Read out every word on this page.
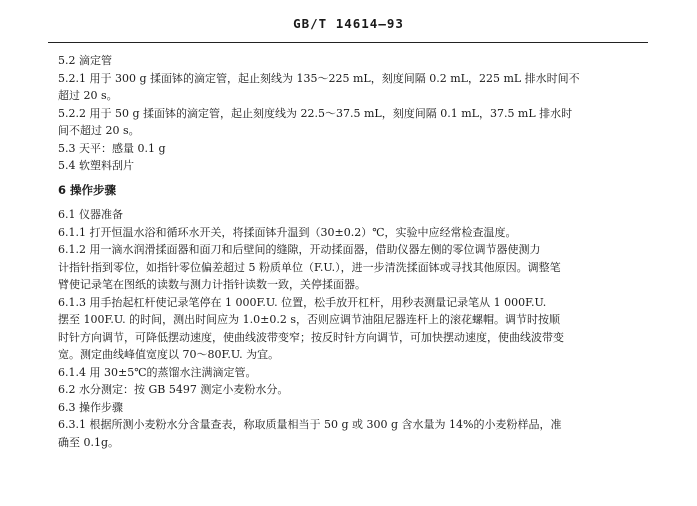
GB/T 14614—93
5.2 滴定管
5.2.1 用于 300 g 揉面钵的滴定管，起止刻线为 135～225 mL，刻度间隔 0.2 mL，225 mL 排水时间不
超过 20 s。
5.2.2 用于 50 g 揉面钵的滴定管，起止刻度线为 22.5～37.5 mL，刻度间隔 0.1 mL，37.5 mL 排水时
间不超过 20 s。
5.3 天平：感量 0.1 g
5.4 软塑料刮片
6 操作步骤
6.1 仪器准备
6.1.1 打开恒温水浴和循环水开关，将揉面钵升温到（30±0.2）℃，实验中应经常检查温度。
6.1.2 用一滴水润滑揉面器和面刀和后壁间的缝隙，开动揉面器，借助仪器左侧的零位调节器使测力
计指针指到零位，如指针零位偏差超过 5 粉质单位（F.U.），进一步清洗揉面钵或寻找其他原因。调整笔
臂使记录笔在图纸的读数与测力计指针读数一致，关停揉面器。
6.1.3 用手抬起杠杆使记录笔停在 1 000F.U. 位置，松手放开杠杆，用秒表测量记录笔从 1 000F.U.
摆至 100F.U. 的时间，测出时间应为 1.0±0.2 s，否则应调节油阻尼器连杆上的滚花螺帽。调节时按顺
时针方向调节，可降低摆动速度，使曲线波带变窄；按反时针方向调节，可加快摆动速度，使曲线波带变
宽。测定曲线峰值宽度以 70～80F.U. 为宜。
6.1.4 用 30±5℃的蒸馏水注满滴定管。
6.2 水分测定：按 GB 5497 测定小麦粉水分。
6.3 操作步骤
6.3.1 根据所测小麦粉水分含量查表，称取质量相当于 50 g 或 300 g 含水量为 14%的小麦粉样品，准
确至 0.1g。
